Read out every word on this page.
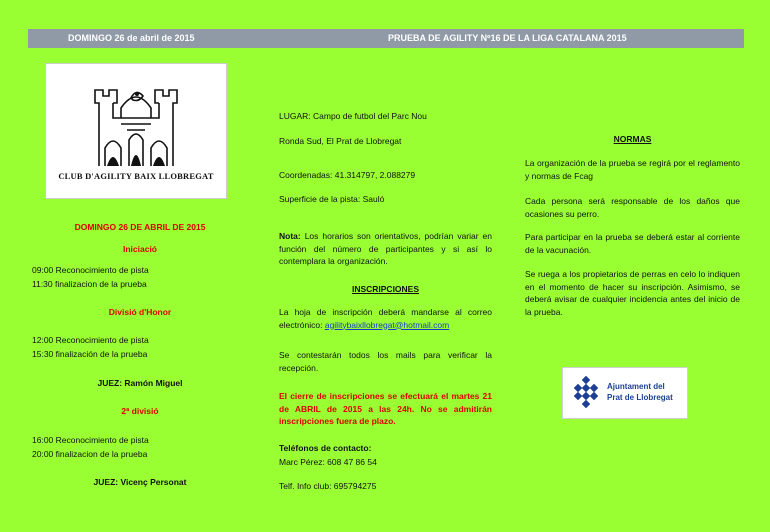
DOMINGO 26 de abril de 2015	PRUEBA DE AGILITY Nº16 DE LA LIGA CATALANA 2015
CLUB D'AGILITY BAIX LLOBREGAT
DOMINGO 26 DE ABRIL DE 2015
Iniciació
09:00 Reconocimiento de pista
11:30 finalizacion de la prueba
Divisió d'Honor
12:00 Reconocimiento de pista
15:30 finalización de la prueba
JUEZ: Ramón Miguel
2ª divisió
16:00 Reconocimiento de pista
20:00 finalizacion de la prueba
JUEZ: Vicenç Personat
LUGAR: Campo de futbol del Parc Nou
Ronda Sud, El Prat de Llobregat
Coordenadas: 41.314797, 2.088279
Superficie de la pista: Sauló
Nota: Los horarios son orientativos, podrían variar en función del número de participantes y si así lo contemplara la organización.
INSCRIPCIONES
La hoja de inscripción deberá mandarse al correo electrónico: agilitybaixllobregat@hotmail.com
Se contestarán todos los mails para verificar la recepción.
El cierre de inscripciones se efectuará el martes 21 de ABRIL de 2015 a las 24h. No se admitirán inscripciones fuera de plazo.
Teléfonos de contacto:
Marc Pérez: 608 47 86 54
Telf. Info club: 695794275
NORMAS
La organización de la prueba se regirá por el reglamento y normas de Fcag
Cada persona será responsable de los daños que ocasiones su perro.
Para participar en la prueba se deberá estar al corriente de la vacunación.
Se ruega a los propietarios de perras en celo lo indiquen en el momento de hacer su inscripción. Asimismo, se deberá avisar de cualquier incidencia antes del inicio de la prueba.
Ajuntament del
Prat de Llobregat
